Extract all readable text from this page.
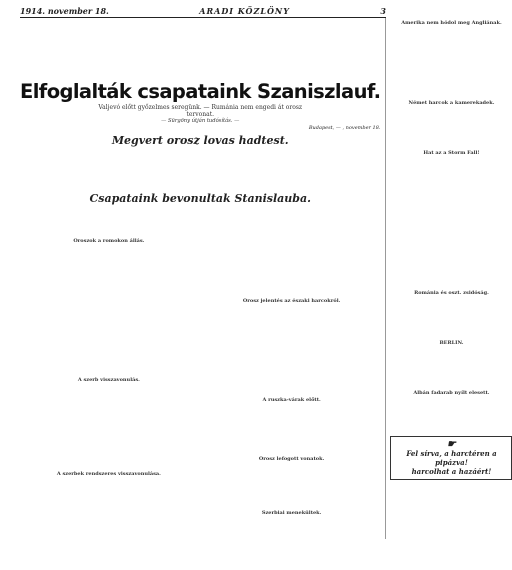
1914. november 18.	ARADI KÖZLÖNY	3

Elfoglalták csapataink Szaniszlauf.

Valjevó előtt győzelmes seregünk. — Rumánia nem engedi át orosz

tervonat.

— Sürgöny útján tudósítás. —

Budapest, — , november 18.

Megvert orosz lovas hadtest.
Csapataink bevonultak Stanislauba.
Oroszok a romokon állás.
A szerb visszavonulás.
A szerbek rendszeres visszavonulása.
Orosz jelentés az északi harcokról.
A ruszka-várak előtt.
Orosz lefogott vonatok.
Szerbiai menekültek.
Amerika nem hódol meg Angliának.
Német harcok a kamerekadek.
Hat az a Storm Fall!
Románia és oszt. zsidóság.
BERLIN.
Albán fadarab nyílt elesett.
☛
Fel sírva, a harctéren a pipázva!
harcolhat a hazáért!
